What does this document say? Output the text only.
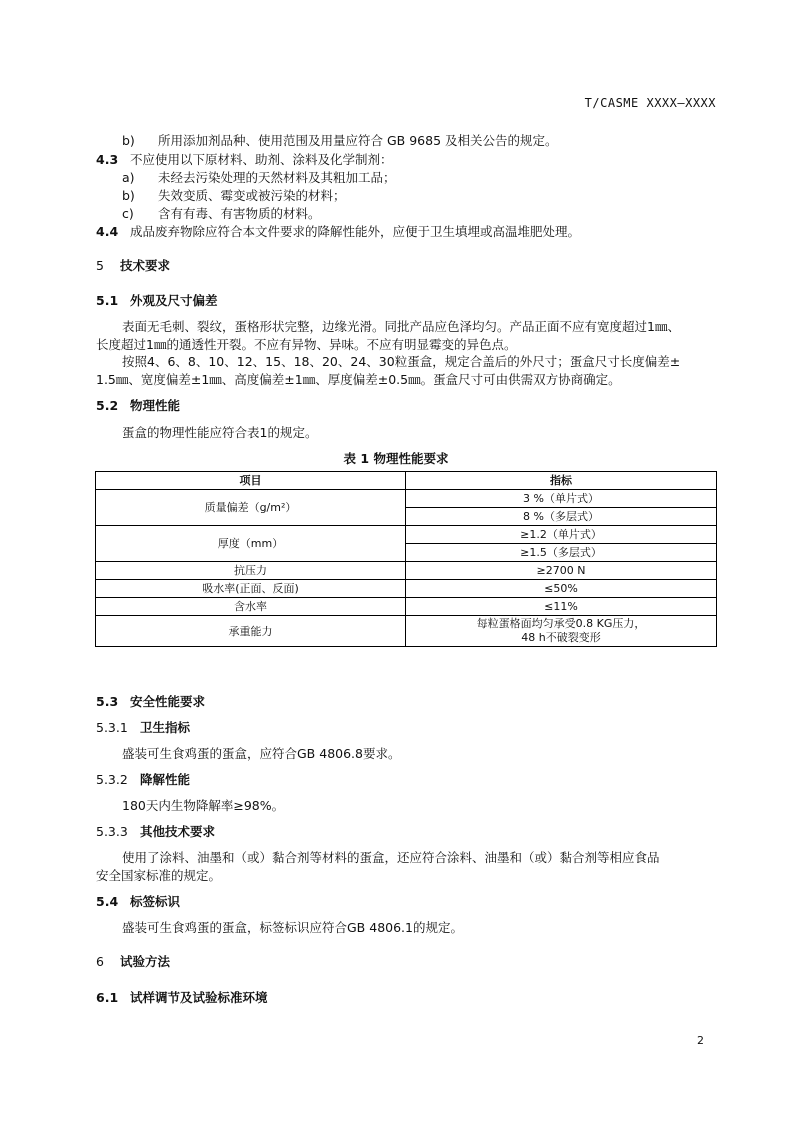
T/CASME XXXX—XXXX
b) 所用添加剂品种、使用范围及用量应符合 GB 9685 及相关公告的规定。
4.3 不应使用以下原材料、助剂、涂料及化学制剂：
a) 未经去污染处理的天然材料及其粗加工品；
b) 失效变质、霉变或被污染的材料；
c) 含有有毒、有害物质的材料。
4.4 成品废弃物除应符合本文件要求的降解性能外，应便于卫生填埋或高温堆肥处理。
5 技术要求
5.1 外观及尺寸偏差
表面无毛刺、裂纹，蛋格形状完整，边缘光滑。同批产品应色泽均匀。产品正面不应有宽度超过1㎜、
长度超过1㎜的通透性开裂。不应有异物、异味。不应有明显霉变的异色点。
按照4、6、8、10、12、15、18、20、24、30粒蛋盒，规定合盖后的外尺寸；蛋盒尺寸长度偏差±
1.5㎜、宽度偏差±1㎜、高度偏差±1㎜、厚度偏差±0.5㎜。蛋盒尺寸可由供需双方协商确定。
5.2 物理性能
蛋盒的物理性能应符合表1的规定。
表 1 物理性能要求
项目	指标
质量偏差（g/m²）	3 %（单片式）
	8 %（多层式）
厚度（mm）	≥1.2（单片式）
	≥1.5（多层式）
抗压力	≥2700 N
吸水率(正面、反面)	≤50%
含水率	≤11%
承重能力	每粒蛋格面均匀承受0.8 KG压力，
48 h不破裂变形
5.3 安全性能要求
5.3.1 卫生指标
盛装可生食鸡蛋的蛋盒，应符合GB 4806.8要求。
5.3.2 降解性能
180天内生物降解率≥98%。
5.3.3 其他技术要求
使用了涂料、油墨和（或）黏合剂等材料的蛋盒，还应符合涂料、油墨和（或）黏合剂等相应食品
安全国家标准的规定。
5.4 标签标识
盛装可生食鸡蛋的蛋盒，标签标识应符合GB 4806.1的规定。
6 试验方法
6.1 试样调节及试验标准环境
2
